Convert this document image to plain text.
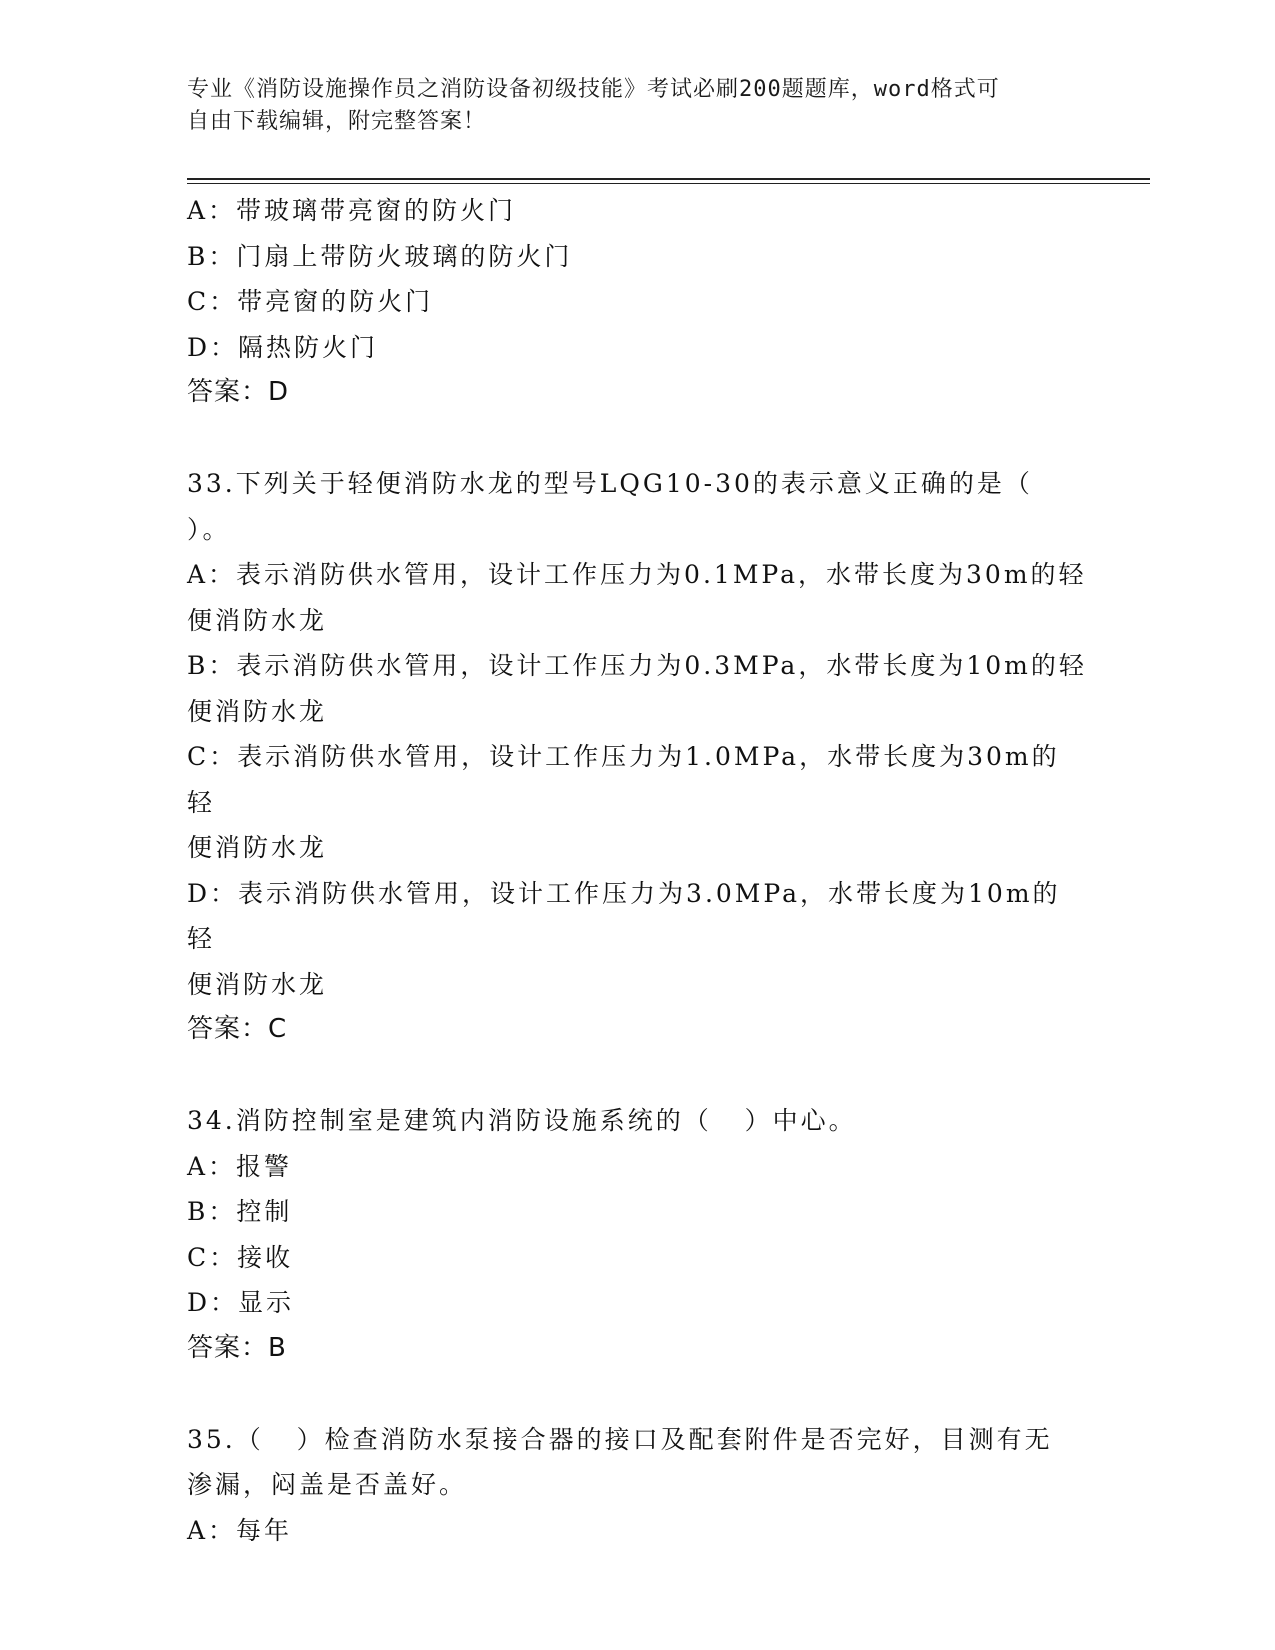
专业《消防设施操作员之消防设备初级技能》考试必刷200题题库，word格式可
自由下载编辑，附完整答案！
A：带玻璃带亮窗的防火门
B：门扇上带防火玻璃的防火门
C：带亮窗的防火门
D：隔热防火门
答案：D
33.下列关于轻便消防水龙的型号LQG10-30的表示意义正确的是（
）。
A：表示消防供水管用，设计工作压力为0.1MPa，水带长度为30m的轻
便消防水龙
B：表示消防供水管用，设计工作压力为0.3MPa，水带长度为10m的轻
便消防水龙
C：表示消防供水管用，设计工作压力为1.0MPa，水带长度为30m的轻
便消防水龙
D：表示消防供水管用，设计工作压力为3.0MPa，水带长度为10m的轻
便消防水龙
答案：C
34.消防控制室是建筑内消防设施系统的（   ）中心。
A：报警
B：控制
C：接收
D：显示
答案：B
35.（   ）检查消防水泵接合器的接口及配套附件是否完好，目测有无
渗漏，闷盖是否盖好。
A：每年
